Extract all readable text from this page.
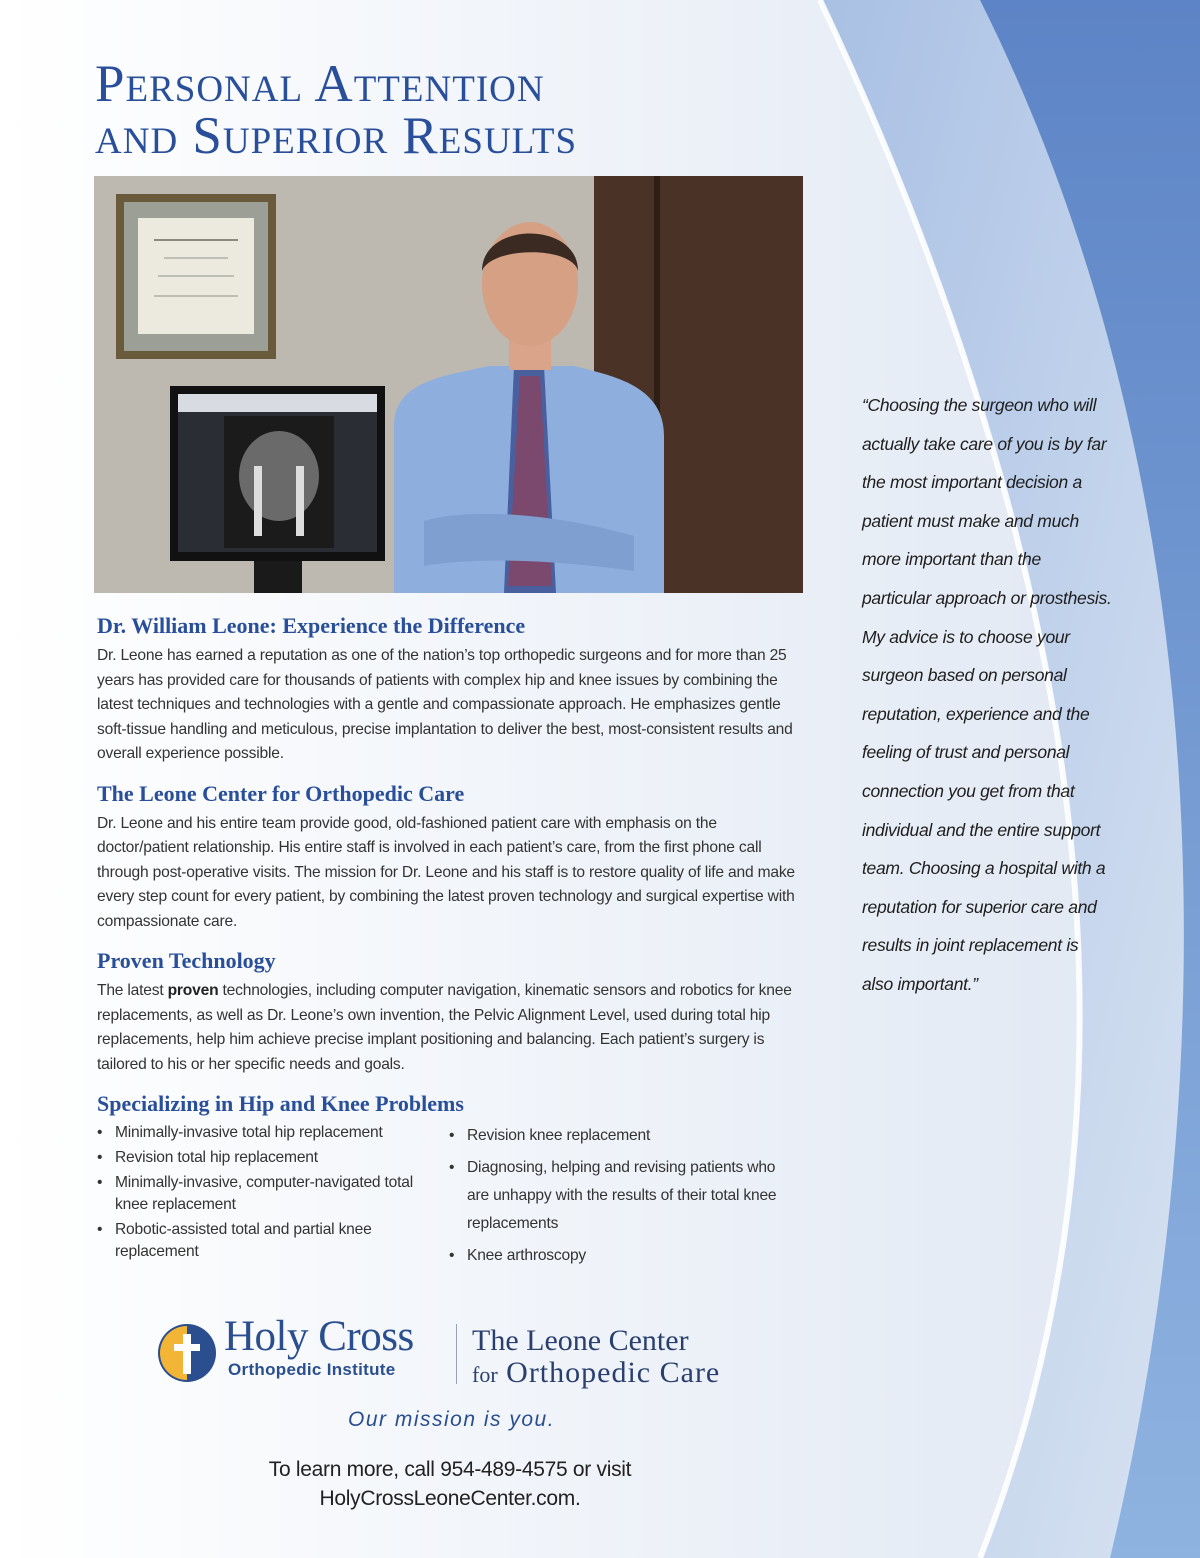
Personal Attention
and Superior Results
Dr. William Leone: Experience the Difference

Dr. Leone has earned a reputation as one of the nation’s top orthopedic surgeons and for more than 25 years has provided care for thousands of patients with complex hip and knee issues by combining the latest techniques and technologies with a gentle and compassionate approach. He emphasizes gentle soft-tissue handling and meticulous, precise implantation to deliver the best, most-consistent results and overall experience possible.

The Leone Center for Orthopedic Care

Dr. Leone and his entire team provide good, old-fashioned patient care with emphasis on the doctor/patient relationship. His entire staff is involved in each patient’s care, from the first phone call through post-operative visits. The mission for Dr. Leone and his staff is to restore quality of life and make every step count for every patient, by combining the latest proven technology and surgical expertise with compassionate care.

Proven Technology

The latest proven technologies, including computer navigation, kinematic sensors and robotics for knee replacements, as well as Dr. Leone’s own invention, the Pelvic Alignment Level, used during total hip replacements, help him achieve precise implant positioning and balancing. Each patient’s surgery is tailored to his or her specific needs and goals.

Specializing in Hip and Knee Problems
• Minimally-invasive total hip replacement
• Revision total hip replacement
• Minimally-invasive, computer-navigated total knee replacement
• Robotic-assisted total and partial knee replacement
• Revision knee replacement
• Diagnosing, helping and revising patients who are unhappy with the results of their total knee replacements
• Knee arthroscopy

“Choosing the surgeon who will actually take care of you is by far the most important decision a patient must make and much more important than the particular approach or prosthesis. My advice is to choose your surgeon based on personal reputation, experience and the feeling of trust and personal connection you get from that individual and the entire support team. Choosing a hospital with a reputation for superior care and results in joint replacement is also important.”

Holy Cross
Orthopedic Institute
The Leone Center
for Orthopedic Care
Our mission is you.
To learn more, call 954-489-4575 or visit
HolyCrossLeoneCenter.com.
